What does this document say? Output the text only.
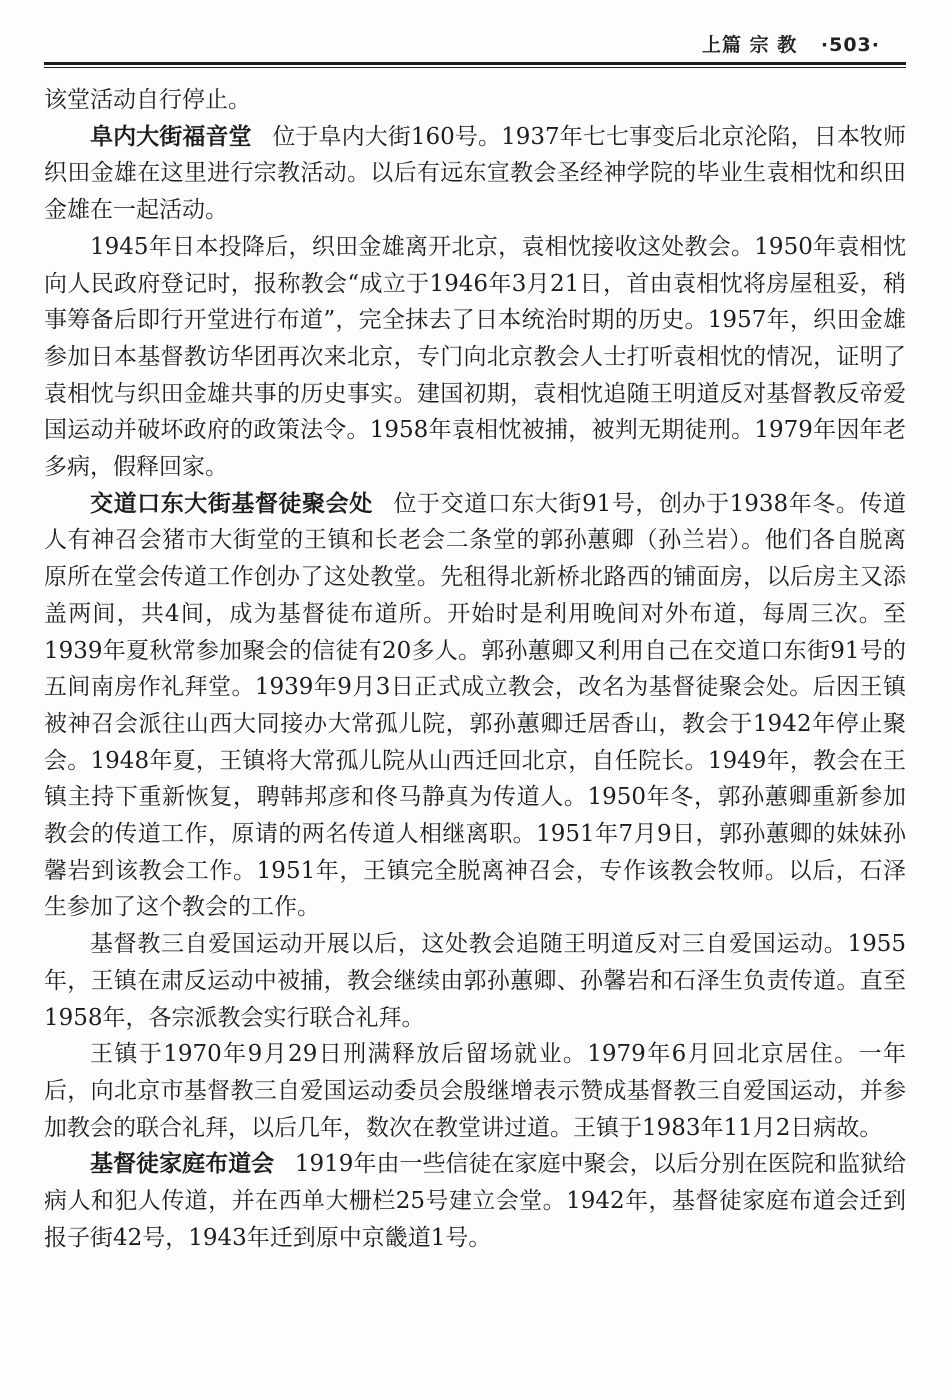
上篇 宗 教 ·503·

该堂活动自行停止。

阜内大街福音堂 位于阜内大街160号。1937年七七事变后北京沦陷，日本牧师织田金雄在这里进行宗教活动。以后有远东宣教会圣经神学院的毕业生袁相忱和织田金雄在一起活动。

1945年日本投降后，织田金雄离开北京，袁相忱接收这处教会。1950年袁相忱向人民政府登记时，报称教会“成立于1946年3月21日，首由袁相忱将房屋租妥，稍事筹备后即行开堂进行布道”，完全抹去了日本统治时期的历史。1957年，织田金雄参加日本基督教访华团再次来北京，专门向北京教会人士打听袁相忱的情况，证明了袁相忱与织田金雄共事的历史事实。建国初期，袁相忱追随王明道反对基督教反帝爱国运动并破坏政府的政策法令。1958年袁相忱被捕，被判无期徒刑。1979年因年老多病，假释回家。

交道口东大街基督徒聚会处 位于交道口东大街91号，创办于1938年冬。传道人有神召会猪市大街堂的王镇和长老会二条堂的郭孙蕙卿（孙兰岩）。他们各自脱离原所在堂会传道工作创办了这处教堂。先租得北新桥北路西的铺面房，以后房主又添盖两间，共4间，成为基督徒布道所。开始时是利用晚间对外布道，每周三次。至1939年夏秋常参加聚会的信徒有20多人。郭孙蕙卿又利用自己在交道口东街91号的五间南房作礼拜堂。1939年9月3日正式成立教会，改名为基督徒聚会处。后因王镇被神召会派往山西大同接办大常孤儿院，郭孙蕙卿迁居香山，教会于1942年停止聚会。1948年夏，王镇将大常孤儿院从山西迁回北京，自任院长。1949年，教会在王镇主持下重新恢复，聘韩邦彦和佟马静真为传道人。1950年冬，郭孙蕙卿重新参加教会的传道工作，原请的两名传道人相继离职。1951年7月9日，郭孙蕙卿的妹妹孙馨岩到该教会工作。1951年，王镇完全脱离神召会，专作该教会牧师。以后，石泽生参加了这个教会的工作。

基督教三自爱国运动开展以后，这处教会追随王明道反对三自爱国运动。1955年，王镇在肃反运动中被捕，教会继续由郭孙蕙卿、孙馨岩和石泽生负责传道。直至1958年，各宗派教会实行联合礼拜。

王镇于1970年9月29日刑满释放后留场就业。1979年6月回北京居住。一年后，向北京市基督教三自爱国运动委员会殷继增表示赞成基督教三自爱国运动，并参加教会的联合礼拜，以后几年，数次在教堂讲过道。王镇于1983年11月2日病故。

基督徒家庭布道会 1919年由一些信徒在家庭中聚会，以后分别在医院和监狱给病人和犯人传道，并在西单大栅栏25号建立会堂。1942年，基督徒家庭布道会迁到报子街42号，1943年迁到原中京畿道1号。
